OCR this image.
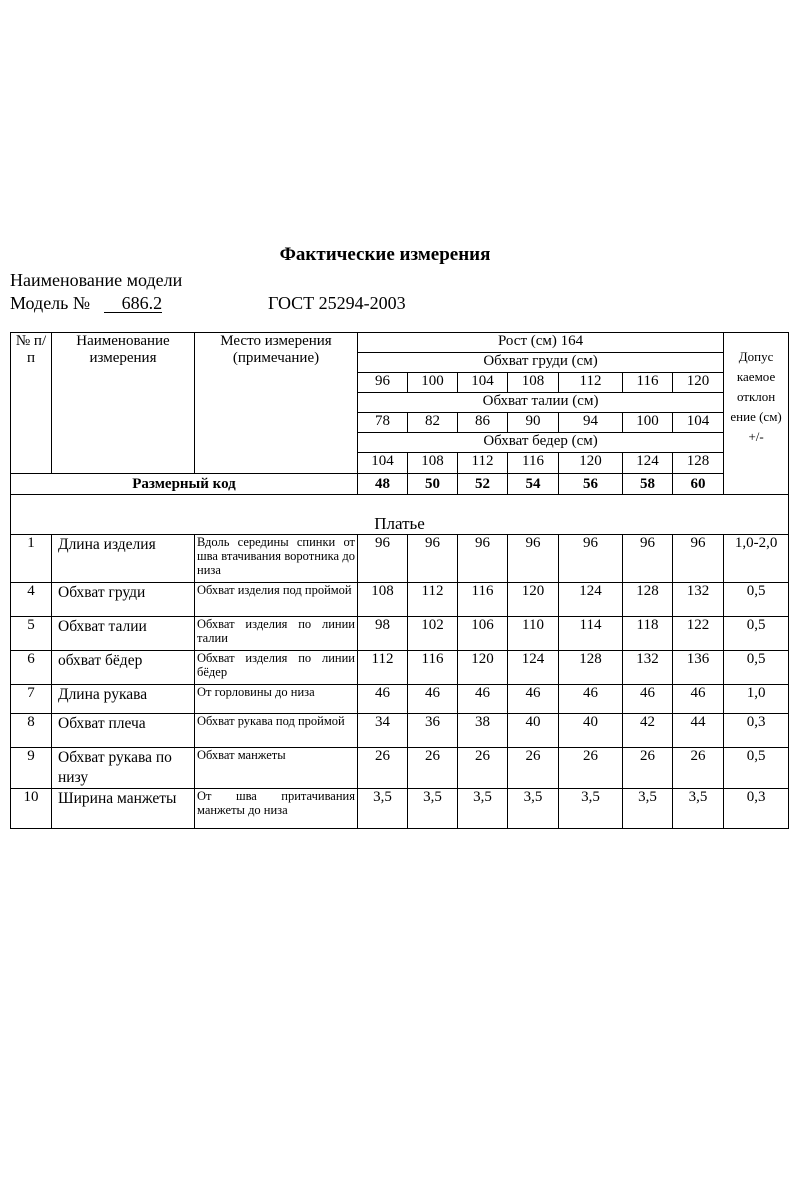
Фактические измерения
Наименование модели
Модель № 686.2	ГОСТ 25294-2003
№ п/п	Наименование измерения	Место измерения (примечание)	Рост (см) 164							Допус каемое отклон ение (см) +/-
			Обхват груди (см)							
			96	100	104	108	112	116	120	
			Обхват талии (см)							
			78	82	86	90	94	100	104	
			Обхват бедер (см)							
			104	108	112	116	120	124	128	
Размерный код			48	50	52	54	56	58	60	
Платье										
1	Длина изделия	Вдоль середины спинки от шва втачивания воротника до низа	96	96	96	96	96	96	96	1,0-2,0
4	Обхват груди	Обхват изделия под проймой	108	112	116	120	124	128	132	0,5
5	Обхват талии	Обхват изделия по линии талии	98	102	106	110	114	118	122	0,5
6	обхват бёдер	Обхват изделия по линии бёдер	112	116	120	124	128	132	136	0,5
7	Длина рукава	От горловины до низа	46	46	46	46	46	46	46	1,0
8	Обхват плеча	Обхват рукава под проймой	34	36	38	40	40	42	44	0,3
9	Обхват рукава по низу	Обхват манжеты	26	26	26	26	26	26	26	0,5
10	Ширина манжеты	От шва притачивания манжеты до низа	3,5	3,5	3,5	3,5	3,5	3,5	3,5	0,3
